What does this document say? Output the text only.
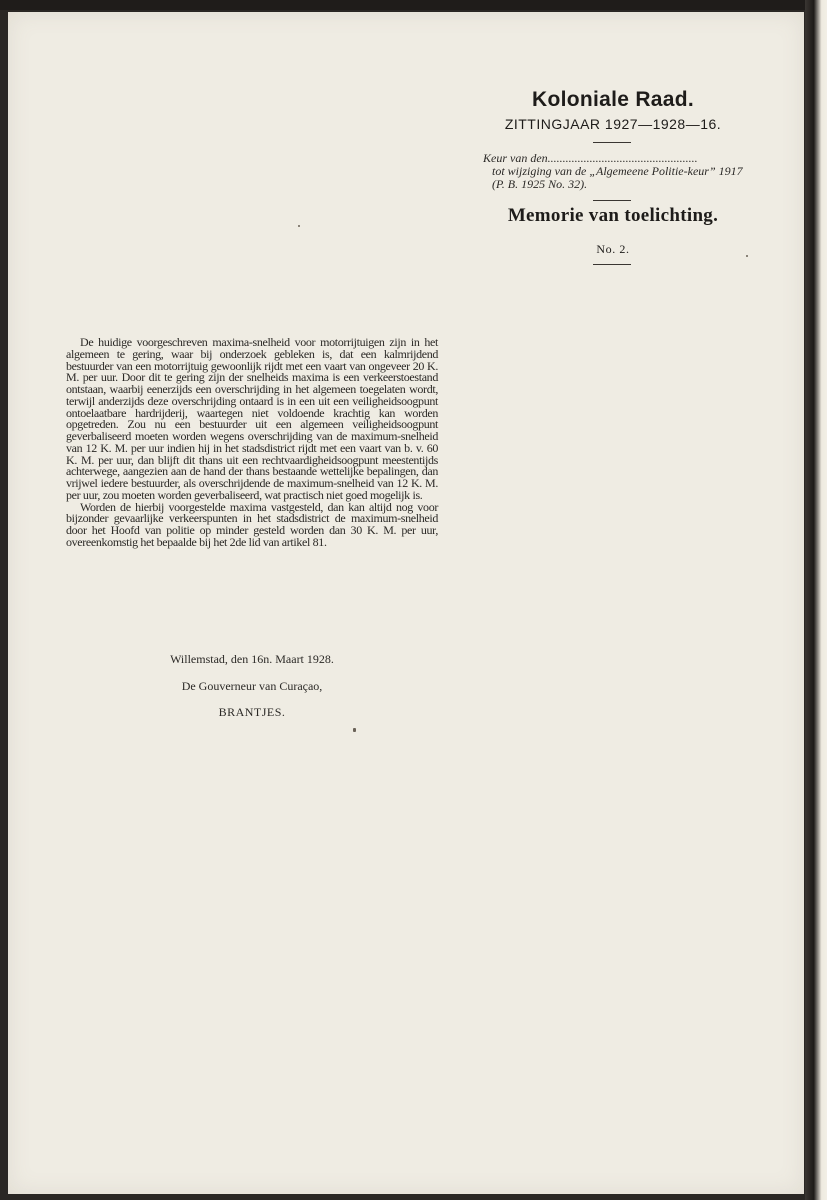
Koloniale Raad.
ZITTINGJAAR 1927—1928—16.
Keur van den..................................................
tot wijziging van de „Algemeene Politie-keur” 1917 (P. B. 1925 No. 32).
Memorie van toelichting.
No. 2.

De huidige voorgeschreven maxima-snelheid voor motorrijtuigen zijn in het algemeen te gering, waar bij onderzoek gebleken is, dat een kalmrijdend bestuurder van een motorrijtuig gewoonlijk rijdt met een vaart van ongeveer 20 K. M. per uur. Door dit te gering zijn der snelheids maxima is een verkeerstoestand ontstaan, waarbij eenerzijds een overschrijding in het algemeen toegelaten wordt, terwijl anderzijds deze overschrijding ontaard is in een uit een veiligheidsoogpunt ontoelaatbare hardrijderij, waartegen niet voldoende krachtig kan worden opgetreden. Zou nu een bestuurder uit een algemeen veiligheidsoogpunt geverbaliseerd moeten worden wegens overschrijding van de maximum-snelheid van 12 K. M. per uur indien hij in het stadsdistrict rijdt met een vaart van b. v. 60 K. M. per uur, dan blijft dit thans uit een rechtvaardigheidsoogpunt meestentijds achterwege, aangezien aan de hand der thans bestaande wettelijke bepalingen, dan vrijwel iedere bestuurder, als overschrijdende de maximum-snelheid van 12 K. M. per uur, zou moeten worden geverbaliseerd, wat practisch niet goed mogelijk is.

Worden de hierbij voorgestelde maxima vastgesteld, dan kan altijd nog voor bijzonder gevaarlijke verkeerspunten in het stadsdistrict de maximum-snelheid door het Hoofd van politie op minder gesteld worden dan 30 K. M. per uur, overeenkomstig het bepaalde bij het 2de lid van artikel 81.

Willemstad, den 16n. Maart 1928.
De Gouverneur van Curaçao,
BRANTJES.
